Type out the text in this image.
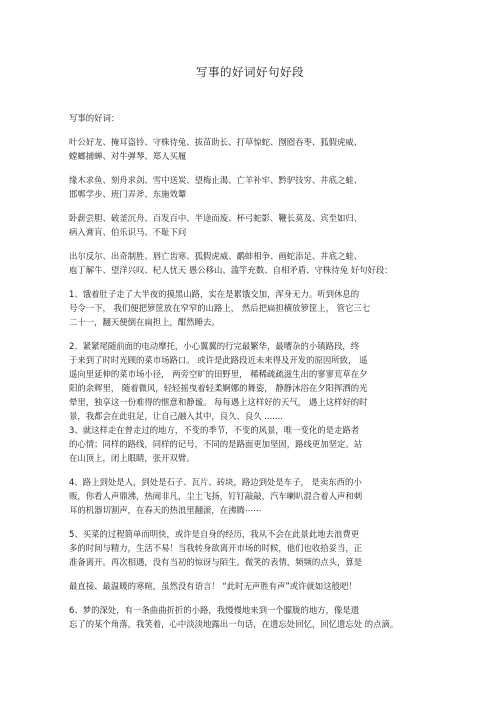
写事的好词好句好段
写事的好词：
叶公好龙、掩耳盗铃、守株待兔、拔苗助长、打草惊蛇、囫囵吞枣、狐假虎威、
螳螂捕蝉、对牛弹琴、郑人买履
缘木求鱼、刻舟求剑、雪中送炭、望梅止渴、亡羊补牢、黔驴技穷、井底之蛙、
邯郸学步、班门弄斧、东施效颦
卧薪尝胆、破釜沉舟、百发百中、半途而废、杯弓蛇影、鞭长莫及、宾至如归、
病入膏肓、伯乐识马、不耻下问
出尔反尔、出奇制胜、唇亡齿寒、狐假虎威、鹬蚌相争、画蛇添足、井底之蛙、
庖丁解牛、望洋兴叹、杞人忧天 愚公移山、滥竽充数、自相矛盾、守株待兔 好句好段：
1、饿着肚子走了大半夜的摸黑山路，实在是累饿交加，浑身无力。听到休息的
号令一下， 我们便把箩筐放在窄窄的山路上， 然后把扁担横放箩筐上， 管它三七
二十一，翻天便倒在扁担上，酣然睡去。
2、紧紧尾随前面的电动摩托，小心翼翼的行完最繁华，最嘈杂的小镇路段，终
于来到了时时光顾的菜市场路口。 或许是此路段近未来得及开发的原因所致， 遥
遥向里延伸的菜市场小径， 两旁空旷的田野里， 稀稀疏疏滋生出的寥寥荒草在夕
阳的余辉里， 随着微风，轻轻摇曳着轻柔婀娜的舞姿， 静静沐浴在夕阳挥洒的光
晕里，独享这一份难得的惬意和静谧。 每每遇上这样好的天气， 遇上这样好的时
景，我都会在此驻足，让自己融入其中，良久、良久 .......
3、就这样走在曾走过的地方，不变的季节，不变的风景，唯一变化的是走路者
的心情；同样的路线，同样的记号，不同的是路面更加坚固，路线更加坚定。站
在山顶上，闭上眼睛，张开双臂。
4、路上到处是人，到处是石子、瓦片、砖块，路边到处是车子， 是卖东西的小
贩，你看人声鼎沸，热闹非凡，尘土飞扬，钉钉敲敲，汽车喇叭混合着人声和刺
耳的机器切割声，在春天的热浪里翻滚，在沸腾⋯⋯
5、买菜的过程简单而明快，或许是自身的经历，我从不会在此景此地去浪费更
多的时间与精力，生活不易！当我转身欲离开市场的时候，他们也收拾妥当，正
准备离开。再次相遇，没有当初的惊讶与陌生。微笑的表情，频频的点头，算是
最直接、最温暖的寒暄，虽然没有语言！ “此时无声胜有声”或许就如这般吧！
6、梦的深处，有一条曲曲折折的小路，我慢慢地来到一个朦胧的地方，像是遗
忘了的某个角落，我笑着，心中淡淡地露出一句话，在遗忘处回忆，回忆遗忘处 的点滴。
